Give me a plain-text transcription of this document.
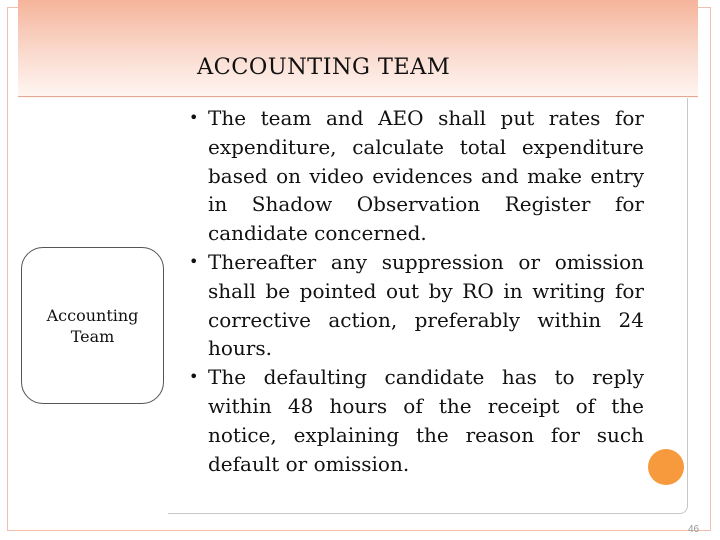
ACCOUNTING TEAM
Accounting
Team
• The team and AEO shall put rates for expenditure, calculate total expenditure based on video evidences and make entry in Shadow Observation Register for candidate concerned.
• Thereafter any suppression or omission shall be pointed out by RO in writing for corrective action, preferably within 24 hours.
• The defaulting candidate has to reply within 48 hours of the receipt of the notice, explaining the reason for such default or omission.
46
